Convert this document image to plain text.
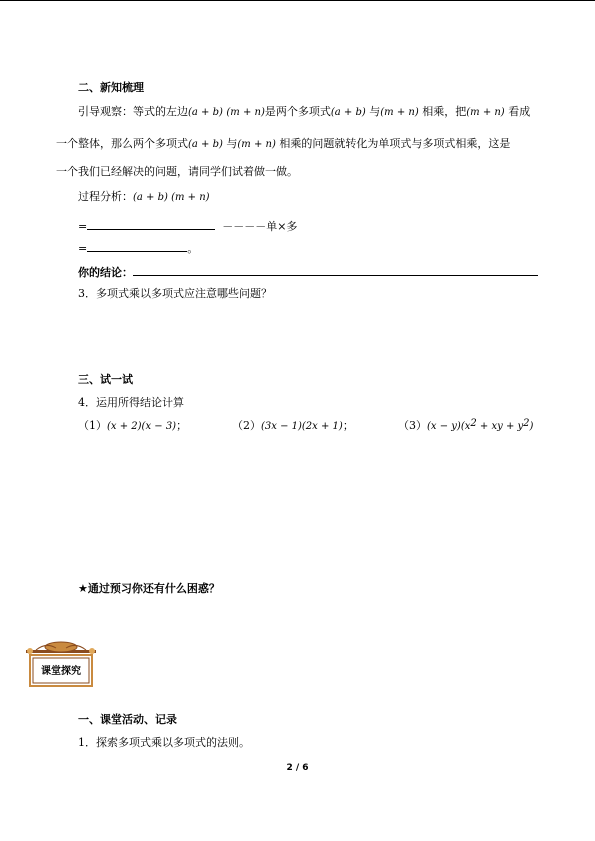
二、新知梳理
引导观察：等式的左边(a + b) (m + n)是两个多项式(a + b) 与(m + n) 相乘，把(m + n) 看成
一个整体，那么两个多项式(a + b) 与(m + n) 相乘的问题就转化为单项式与多项式相乘，这是
一个我们已经解决的问题，请同学们试着做一做。
过程分析：(a + b) (m + n)
=	－－－－单×多
=	。
你的结论：
3．多项式乘以多项式应注意哪些问题？
三、试一试
4．运用所得结论计算
（1）(x + 2)(x − 3)；	（2）(3x − 1)(2x + 1)；	（3）(x − y)(x2 + xy + y2)
★通过预习你还有什么困惑？
课堂探究
一、课堂活动、记录
1．探索多项式乘以多项式的法则。
2 / 6
